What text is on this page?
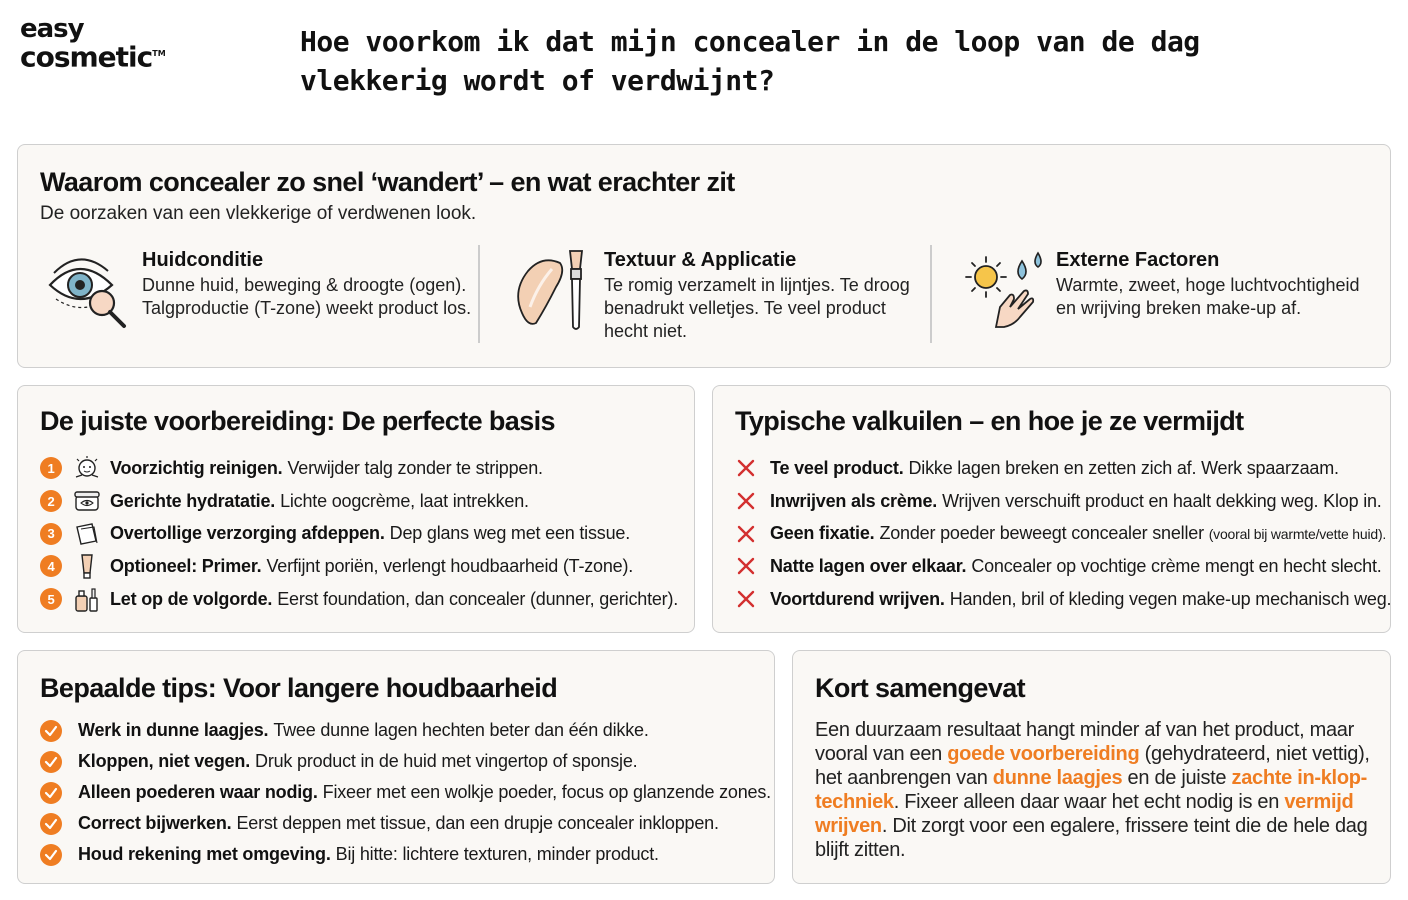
easy
cosmetic™	Hoe voorkom ik dat mijn concealer in de loop van de dag vlekkerig wordt of verdwijnt?
Waarom concealer zo snel ‘wandert’ – en wat erachter zit
De oorzaken van een vlekkerige of verdwenen look.
Huidconditie
Dunne huid, beweging & droogte (ogen).
Talgproductie (T-zone) weekt product los.
Textuur & Applicatie
Te romig verzamelt in lijntjes. Te droog
benadrukt velletjes. Te veel product
hecht niet.
Externe Factoren
Warmte, zweet, hoge luchtvochtigheid
en wrijving breken make-up af.
De juiste voorbereiding: De perfecte basis
1	Voorzichtig reinigen. Verwijder talg zonder te strippen.
2	Gerichte hydratatie. Lichte oogcrème, laat intrekken.
3	Overtollige verzorging afdeppen. Dep glans weg met een tissue.
4	Optioneel: Primer. Verfijnt poriën, verlengt houdbaarheid (T-zone).
5	Let op de volgorde. Eerst foundation, dan concealer (dunner, gerichter).
Typische valkuilen – en hoe je ze vermijdt
Te veel product. Dikke lagen breken en zetten zich af. Werk spaarzaam.
Inwrijven als crème. Wrijven verschuift product en haalt dekking weg. Klop in.
Geen fixatie. Zonder poeder beweegt concealer sneller
(vooral bij warmte/vette huid).
Natte lagen over elkaar. Concealer op vochtige crème mengt en hecht slecht.
Voortdurend wrijven. Handen, bril of kleding vegen make-up mechanisch weg.
Bepaalde tips: Voor langere houdbaarheid
Werk in dunne laagjes. Twee dunne lagen hechten beter dan één dikke.
Kloppen, niet vegen. Druk product in de huid met vingertop of sponsje.
Alleen poederen waar nodig. Fixeer met een wolkje poeder, focus op glanzende zones.
Correct bijwerken. Eerst deppen met tissue, dan een drupje concealer inkloppen.
Houd rekening met omgeving. Bij hitte: lichtere texturen, minder product.
Kort samengevat

Een duurzaam resultaat hangt minder af van het product, maar vooral van een goede voorbereiding (gehydrateerd, niet vettig), het aanbrengen van dunne laagjes en de juiste zachte in-klop-techniek. Fixeer alleen daar waar het echt nodig is en vermijd wrijven. Dit zorgt voor een egalere, frissere teint die de hele dag blijft zitten.
